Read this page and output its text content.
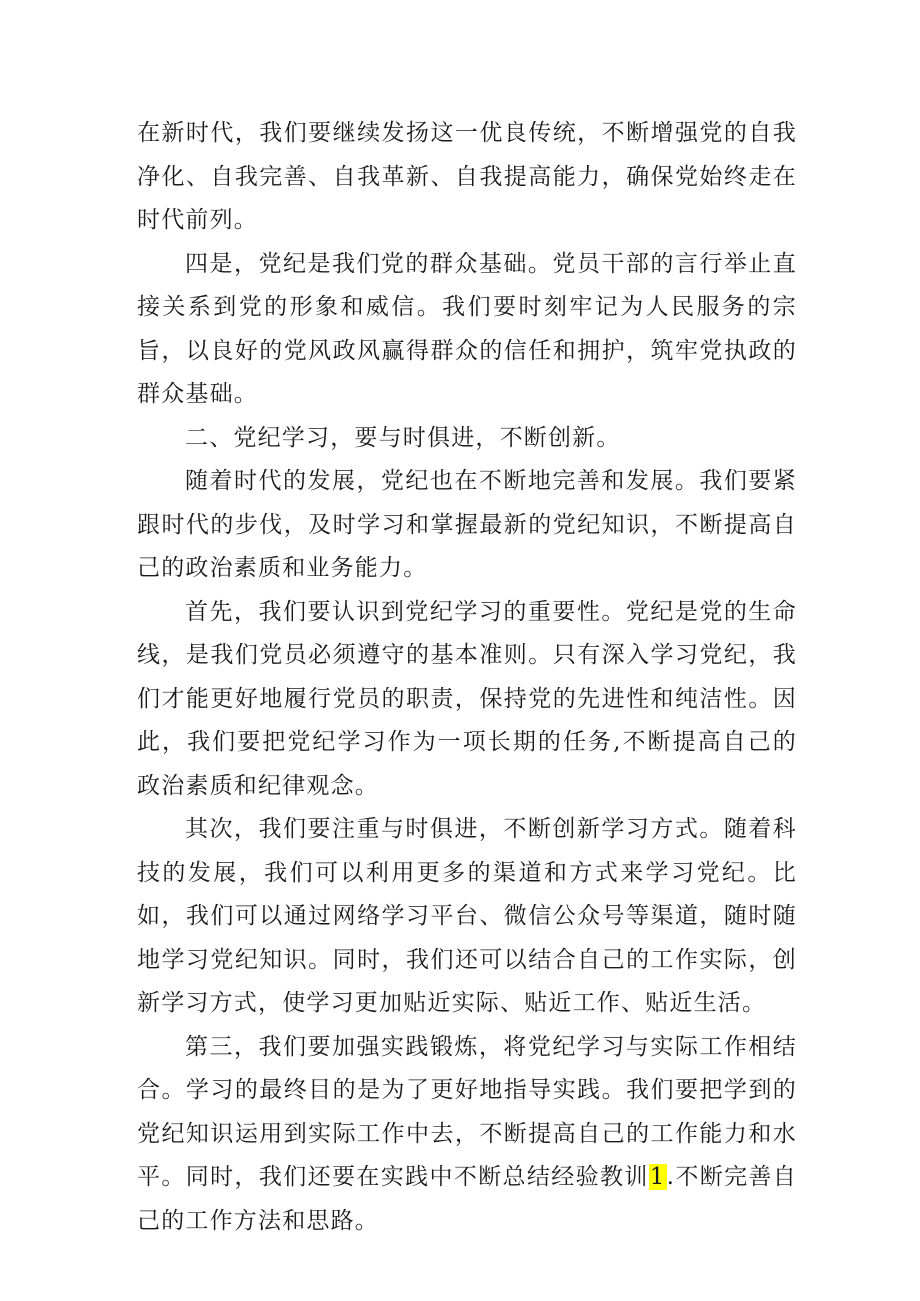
在新时代，我们要继续发扬这一优良传统，不断增强党的自我净化、自我完善、自我革新、自我提高能力，确保党始终走在时代前列。

四是，党纪是我们党的群众基础。党员干部的言行举止直接关系到党的形象和威信。我们要时刻牢记为人民服务的宗旨，以良好的党风政风赢得群众的信任和拥护，筑牢党执政的群众基础。

二、党纪学习，要与时俱进，不断创新。

随着时代的发展，党纪也在不断地完善和发展。我们要紧跟时代的步伐，及时学习和掌握最新的党纪知识，不断提高自己的政治素质和业务能力。

首先，我们要认识到党纪学习的重要性。党纪是党的生命线，是我们党员必须遵守的基本准则。只有深入学习党纪，我们才能更好地履行党员的职责，保持党的先进性和纯洁性。因此，我们要把党纪学习作为一项长期的任务,不断提高自己的政治素质和纪律观念。

其次，我们要注重与时俱进，不断创新学习方式。随着科技的发展，我们可以利用更多的渠道和方式来学习党纪。比如，我们可以通过网络学习平台、微信公众号等渠道，随时随地学习党纪知识。同时，我们还可以结合自己的工作实际，创新学习方式，使学习更加贴近实际、贴近工作、贴近生活。

第三，我们要加强实践锻炼，将党纪学习与实际工作相结合。学习的最终目的是为了更好地指导实践。我们要把学到的党纪知识运用到实际工作中去，不断提高自己的工作能力和水平。同时，我们还要在实践中不断总结经验教训1.不断完善自己的工作方法和思路。
